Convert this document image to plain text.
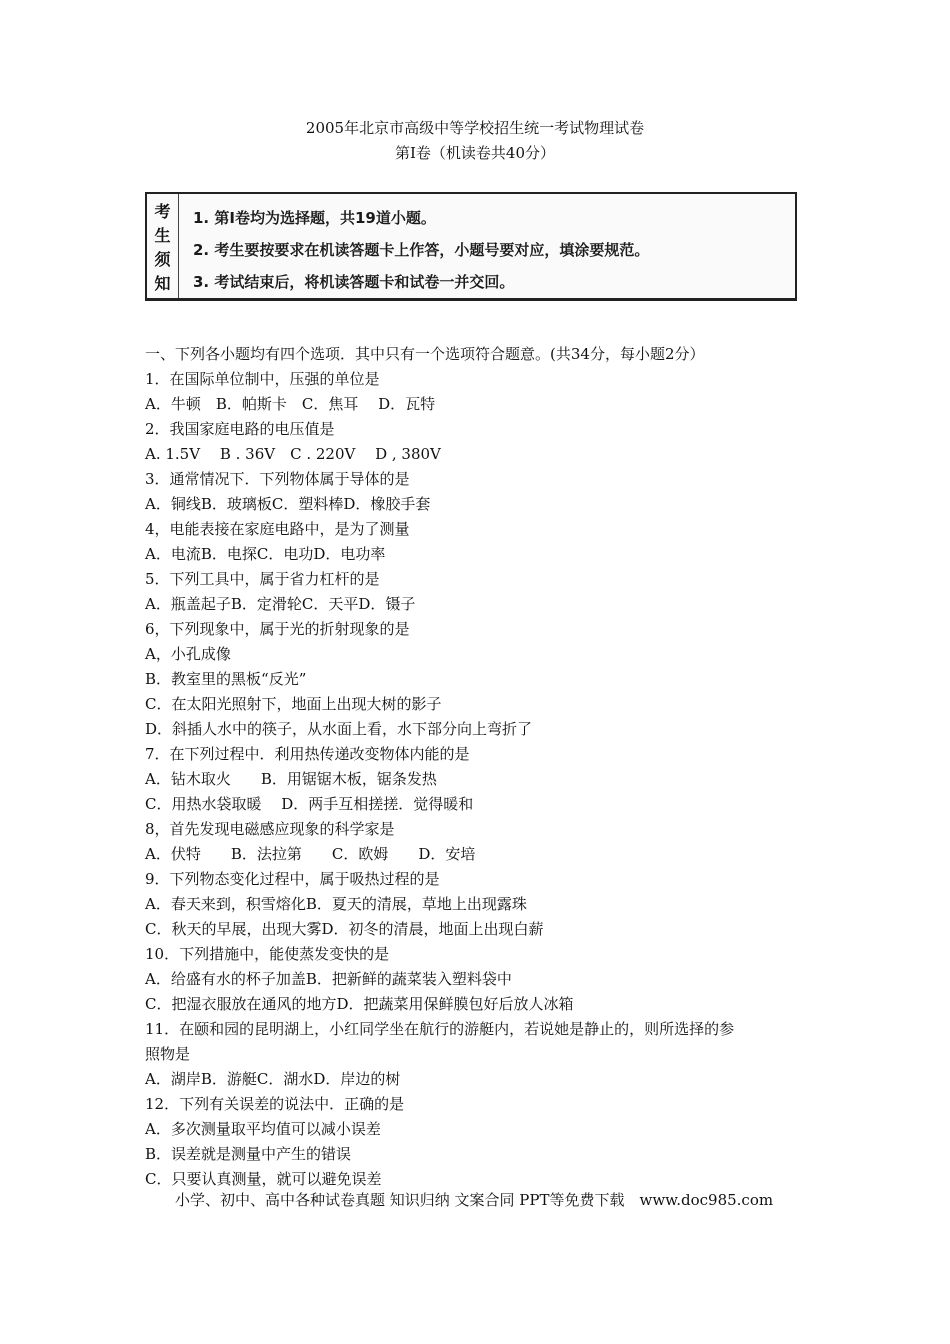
2005年北京市高级中等学校招生统一考试物理试卷
第I卷（机读卷共40分）
考
生
须
知
1. 第Ⅰ卷均为选择题，共19道小题。
2. 考生要按要求在机读答题卡上作答，小题号要对应，填涂要规范。
3. 考试结束后，将机读答题卡和试卷一并交回。
一、下列各小题均有四个选项．其中只有一个选项符合题意。(共34分，每小题2分）
1．在国际单位制中，压强的单位是
A．牛顿　B．帕斯卡　C．焦耳　 D．瓦特
2．我国家庭电路的电压值是
A. 1.5V　 B . 36V　C . 220V　 D , 380V
3．通常情况下．下列物体属于导体的是
A．铜线B．玻璃板C．塑料棒D．橡胶手套
4，电能表接在家庭电路中，是为了测量
A．电流B．电探C．电功D．电功率
5．下列工具中，属于省力杠杆的是
A．瓶盖起子B．定滑轮C．天平D．镊子
6，下列现象中，属于光的折射现象的是
A，小孔成像
B．教室里的黑板“反光”
C．在太阳光照射下，地面上出现大树的影子
D．斜插人水中的筷子，从水面上看，水下部分向上弯折了
7．在下列过程中．利用热传递改变物体内能的是
A．钻木取火　　B．用锯锯木板，锯条发热
C．用热水袋取暖　 D．两手互相搓搓．觉得暖和
8，首先发现电磁感应现象的科学家是
A．伏特　　B．法拉第　　C．欧姆　　D．安培
9．下列物态变化过程中，属于吸热过程的是
A．春天来到，积雪熔化B．夏天的清展，草地上出现露珠
C．秋天的早展，出现大雾D．初冬的清晨，地面上出现白薪
10．下列措施中，能使蒸发变快的是
A．给盛有水的杯子加盖B．把新鲜的蔬菜装入塑料袋中
C．把湿衣服放在通风的地方D．把蔬菜用保鲜膜包好后放人冰箱
11．在颐和园的昆明湖上，小红同学坐在航行的游艇内，若说她是静止的，则所选择的参
照物是
A．湖岸B．游艇C．湖水D．岸边的树
12．下列有关误差的说法中．正确的是
A．多次测量取平均值可以减小误差
B．误差就是测量中产生的错误
C．只要认真测量，就可以避免误差
小学、初中、高中各种试卷真题 知识归纳 文案合同 PPT等免费下载　www.doc985.com
